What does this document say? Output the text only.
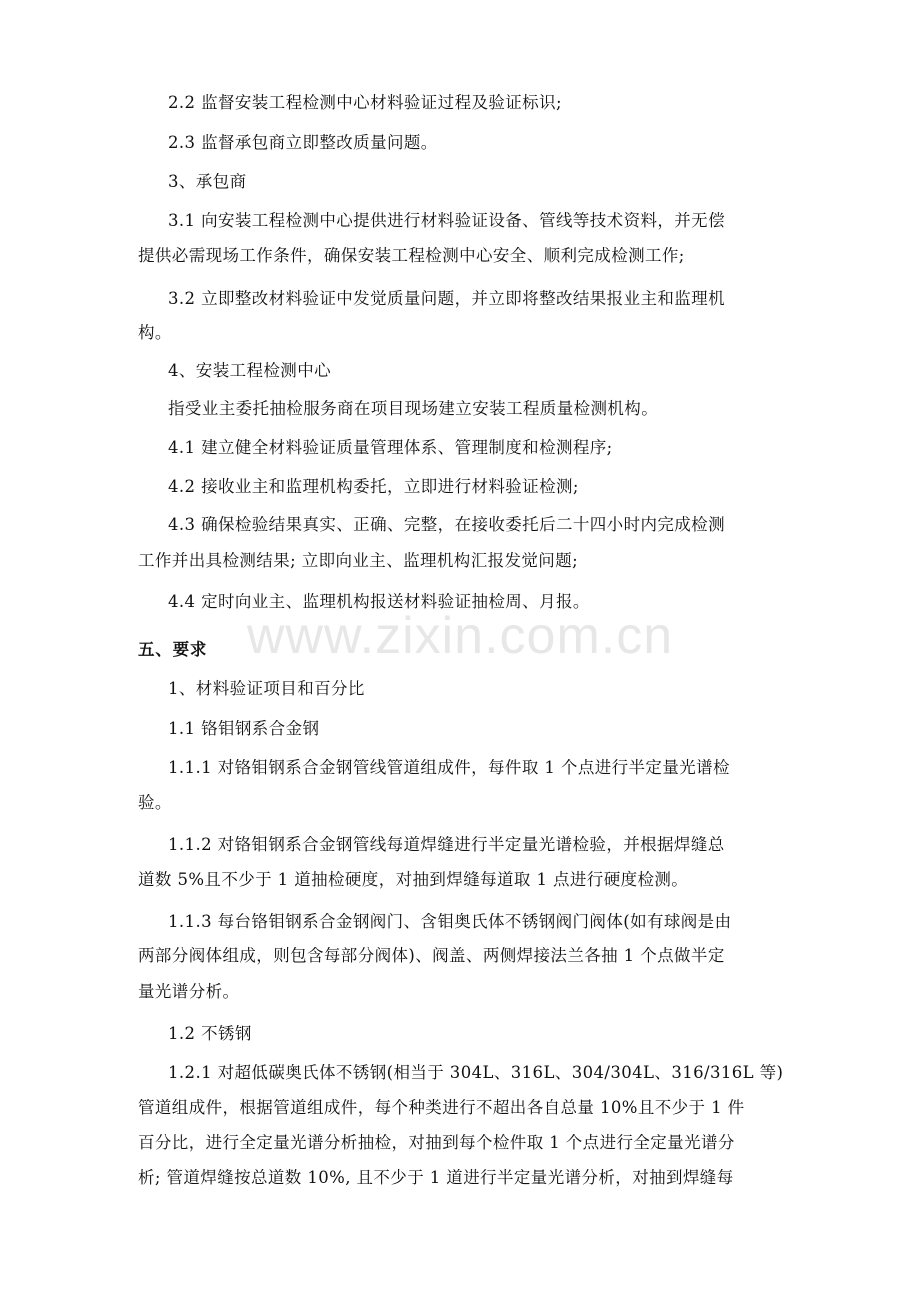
2.2 监督安装工程检测中心材料验证过程及验证标识;
2.3 监督承包商立即整改质量问题。
3、承包商
3.1 向安装工程检测中心提供进行材料验证设备、管线等技术资料，并无偿
提供必需现场工作条件，确保安装工程检测中心安全、顺利完成检测工作;
3.2 立即整改材料验证中发觉质量问题，并立即将整改结果报业主和监理机
构。
4、安装工程检测中心
指受业主委托抽检服务商在项目现场建立安装工程质量检测机构。
4.1 建立健全材料验证质量管理体系、管理制度和检测程序;
4.2 接收业主和监理机构委托，立即进行材料验证检测;
4.3 确保检验结果真实、正确、完整，在接收委托后二十四小时内完成检测
工作并出具检测结果; 立即向业主、监理机构汇报发觉问题;
4.4 定时向业主、监理机构报送材料验证抽检周、月报。
五、要求
1、材料验证项目和百分比
1.1 铬钼钢系合金钢
1.1.1 对铬钼钢系合金钢管线管道组成件，每件取 1 个点进行半定量光谱检
验。
1.1.2 对铬钼钢系合金钢管线每道焊缝进行半定量光谱检验，并根据焊缝总
道数 5%且不少于 1 道抽检硬度，对抽到焊缝每道取 1 点进行硬度检测。
1.1.3 每台铬钼钢系合金钢阀门、含钼奥氏体不锈钢阀门阀体(如有球阀是由
两部分阀体组成，则包含每部分阀体)、阀盖、两侧焊接法兰各抽 1 个点做半定
量光谱分析。
1.2 不锈钢
1.2.1 对超低碳奥氏体不锈钢(相当于 304L、316L、304/304L、316/316L 等)
管道组成件，根据管道组成件，每个种类进行不超出各自总量 10%且不少于 1 件
百分比，进行全定量光谱分析抽检，对抽到每个检件取 1 个点进行全定量光谱分
析; 管道焊缝按总道数 10%, 且不少于 1 道进行半定量光谱分析，对抽到焊缝每
www.zixin.com.cn
